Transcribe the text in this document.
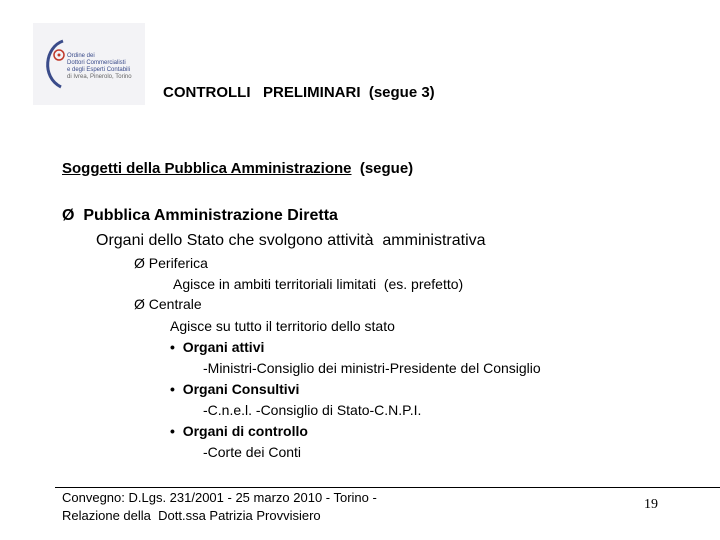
Ordine dei
Dottori Commercialisti
e degli Esperti Contabili
di Ivrea, Pinerolo, Torino
CONTROLLI   PRELIMINARI  (segue 3)
Soggetti della Pubblica Amministrazione  (segue)
Ø Pubblica Amministrazione Diretta
Organi dello Stato che svolgono attività  amministrativa
Ø Periferica
Agisce in ambiti territoriali limitati  (es. prefetto)
Ø Centrale
Agisce su tutto il territorio dello stato
• Organi attivi
-Ministri-Consiglio dei ministri-Presidente del Consiglio
• Organi Consultivi
-C.n.e.l. -Consiglio di Stato-C.N.P.I.
• Organi di controllo
-Corte dei Conti
Convegno: D.Lgs. 231/2001 - 25 marzo 2010 - Torino -
Relazione della  Dott.ssa Patrizia Provvisiero
19
